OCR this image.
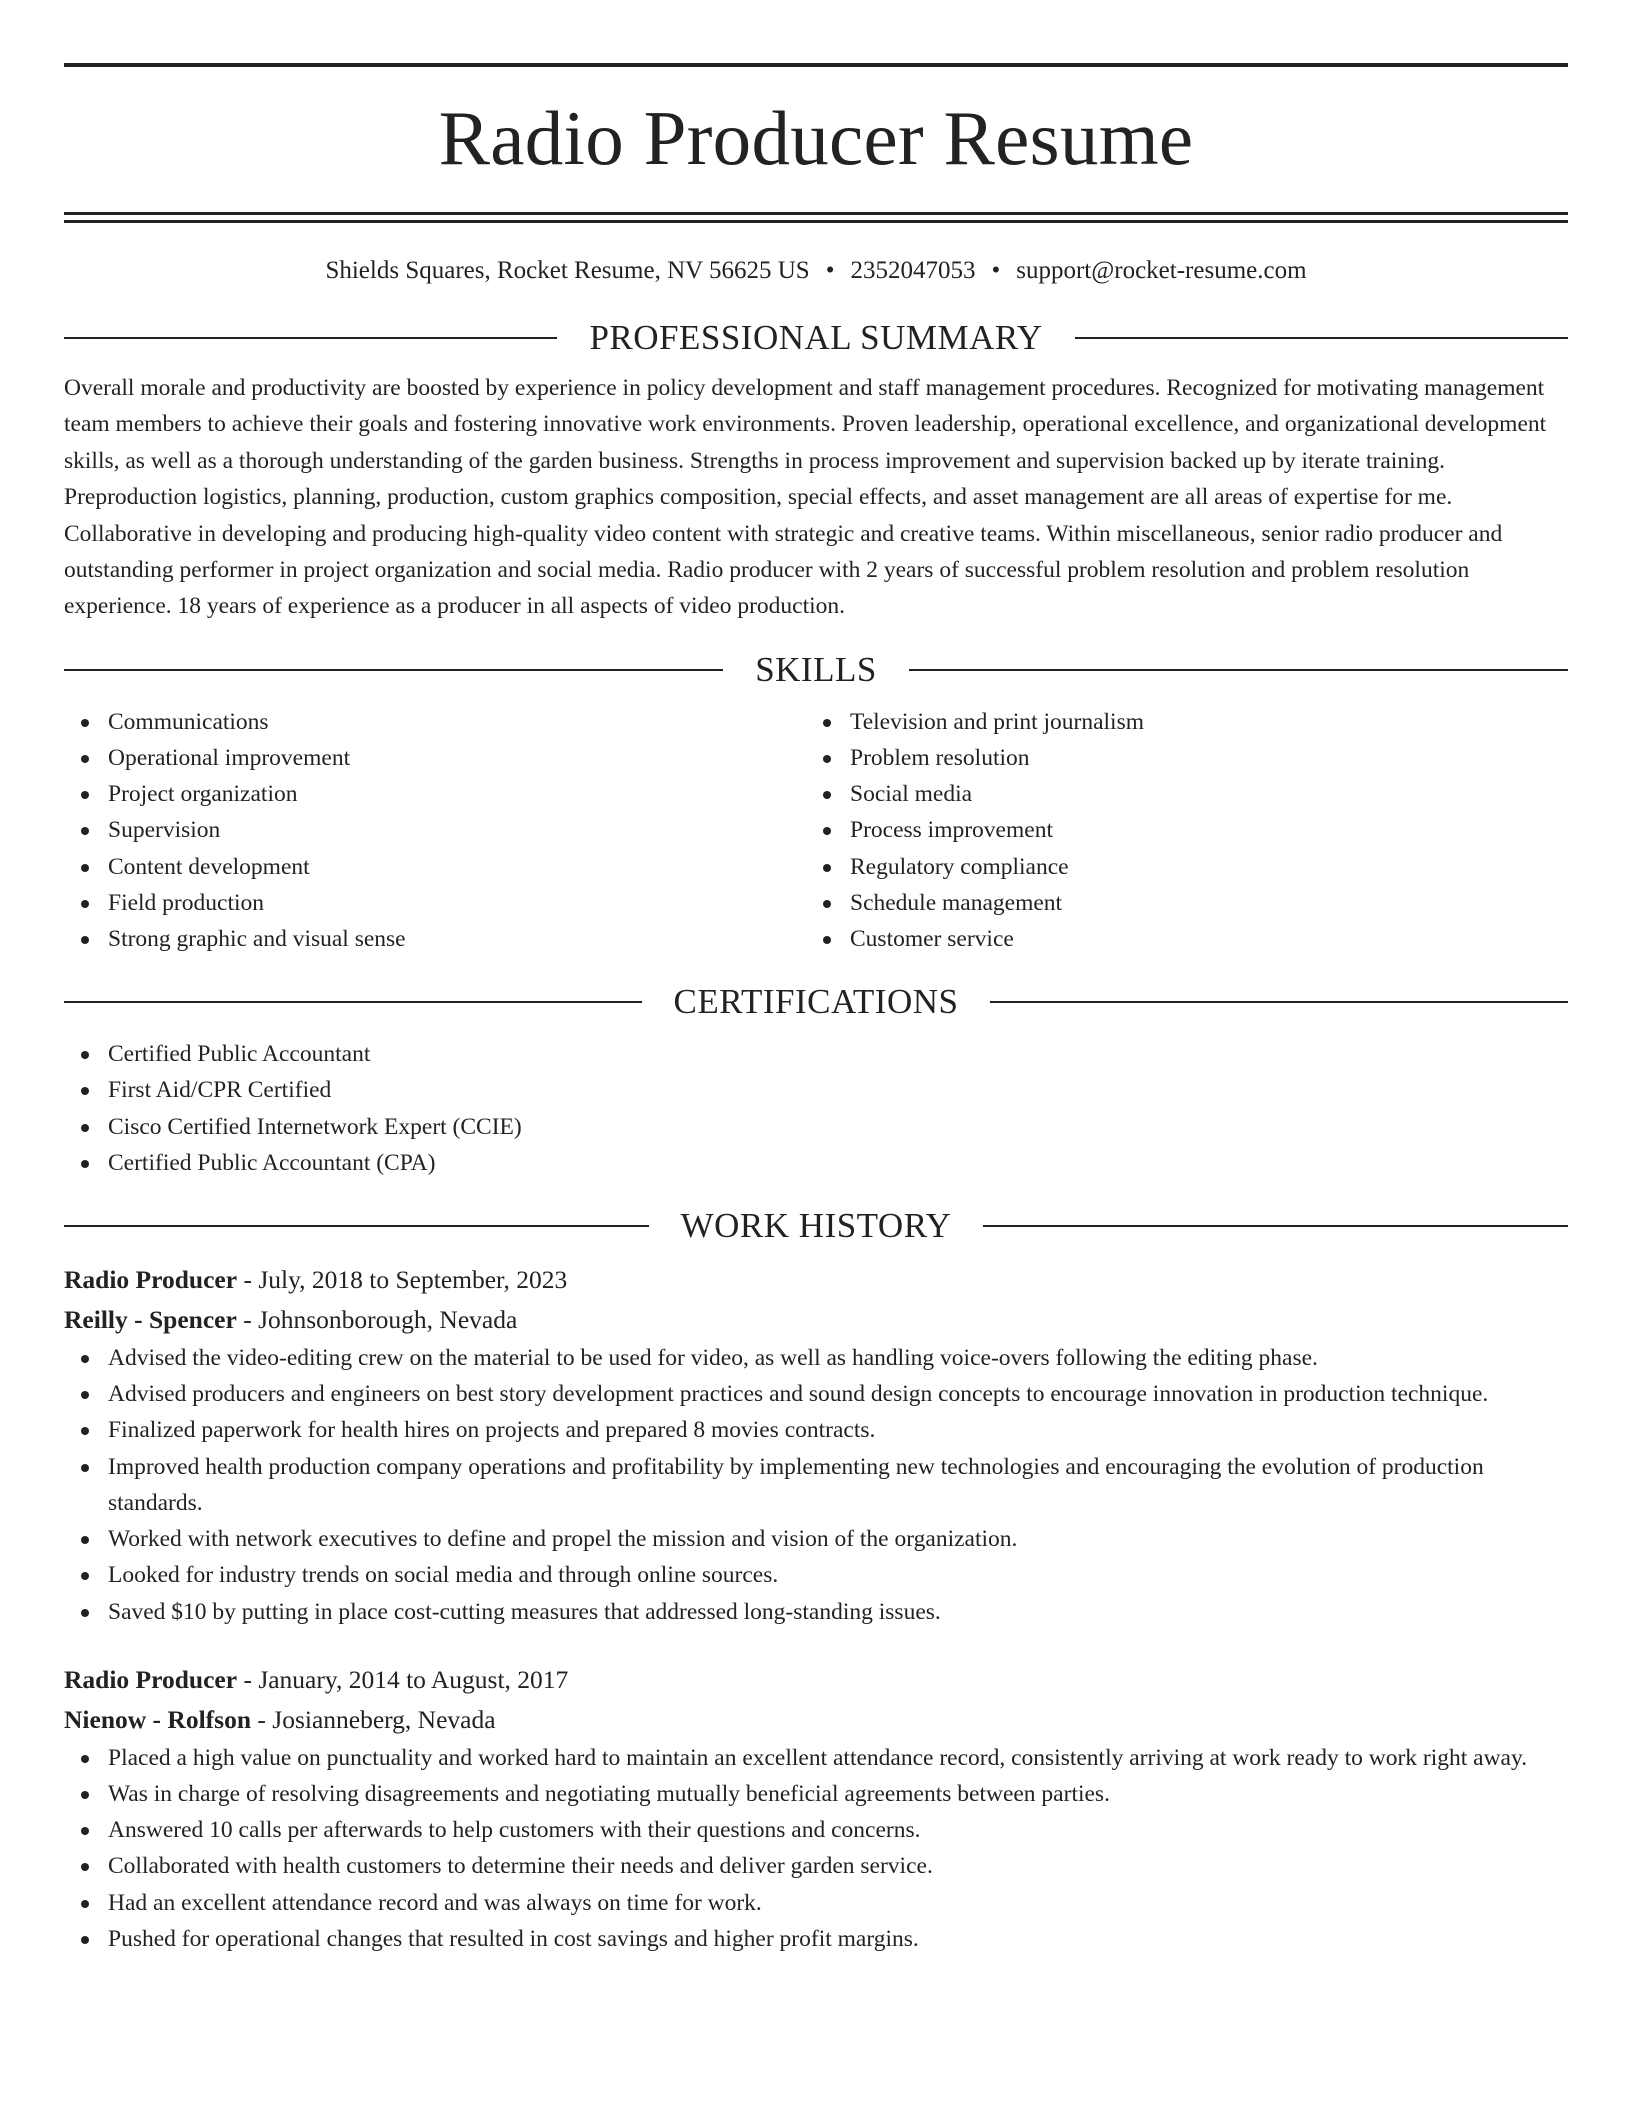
Radio Producer Resume
Shields Squares, Rocket Resume, NV 56625 US • 2352047053 • support@rocket-resume.com
PROFESSIONAL SUMMARY
Overall morale and productivity are boosted by experience in policy development and staff management procedures. Recognized for motivating management team members to achieve their goals and fostering innovative work environments. Proven leadership, operational excellence, and organizational development skills, as well as a thorough understanding of the garden business. Strengths in process improvement and supervision backed up by iterate training. Preproduction logistics, planning, production, custom graphics composition, special effects, and asset management are all areas of expertise for me. Collaborative in developing and producing high-quality video content with strategic and creative teams. Within miscellaneous, senior radio producer and outstanding performer in project organization and social media. Radio producer with 2 years of successful problem resolution and problem resolution experience. 18 years of experience as a producer in all aspects of video production.
SKILLS
Communications
Operational improvement
Project organization
Supervision
Content development
Field production
Strong graphic and visual sense
Television and print journalism
Problem resolution
Social media
Process improvement
Regulatory compliance
Schedule management
Customer service
CERTIFICATIONS
Certified Public Accountant
First Aid/CPR Certified
Cisco Certified Internetwork Expert (CCIE)
Certified Public Accountant (CPA)
WORK HISTORY
Radio Producer - July, 2018 to September, 2023
Reilly - Spencer - Johnsonborough, Nevada
Advised the video-editing crew on the material to be used for video, as well as handling voice-overs following the editing phase.
Advised producers and engineers on best story development practices and sound design concepts to encourage innovation in production technique.
Finalized paperwork for health hires on projects and prepared 8 movies contracts.
Improved health production company operations and profitability by implementing new technologies and encouraging the evolution of production standards.
Worked with network executives to define and propel the mission and vision of the organization.
Looked for industry trends on social media and through online sources.
Saved $10 by putting in place cost-cutting measures that addressed long-standing issues.
Radio Producer - January, 2014 to August, 2017
Nienow - Rolfson - Josianneberg, Nevada
Placed a high value on punctuality and worked hard to maintain an excellent attendance record, consistently arriving at work ready to work right away.
Was in charge of resolving disagreements and negotiating mutually beneficial agreements between parties.
Answered 10 calls per afterwards to help customers with their questions and concerns.
Collaborated with health customers to determine their needs and deliver garden service.
Had an excellent attendance record and was always on time for work.
Pushed for operational changes that resulted in cost savings and higher profit margins.
